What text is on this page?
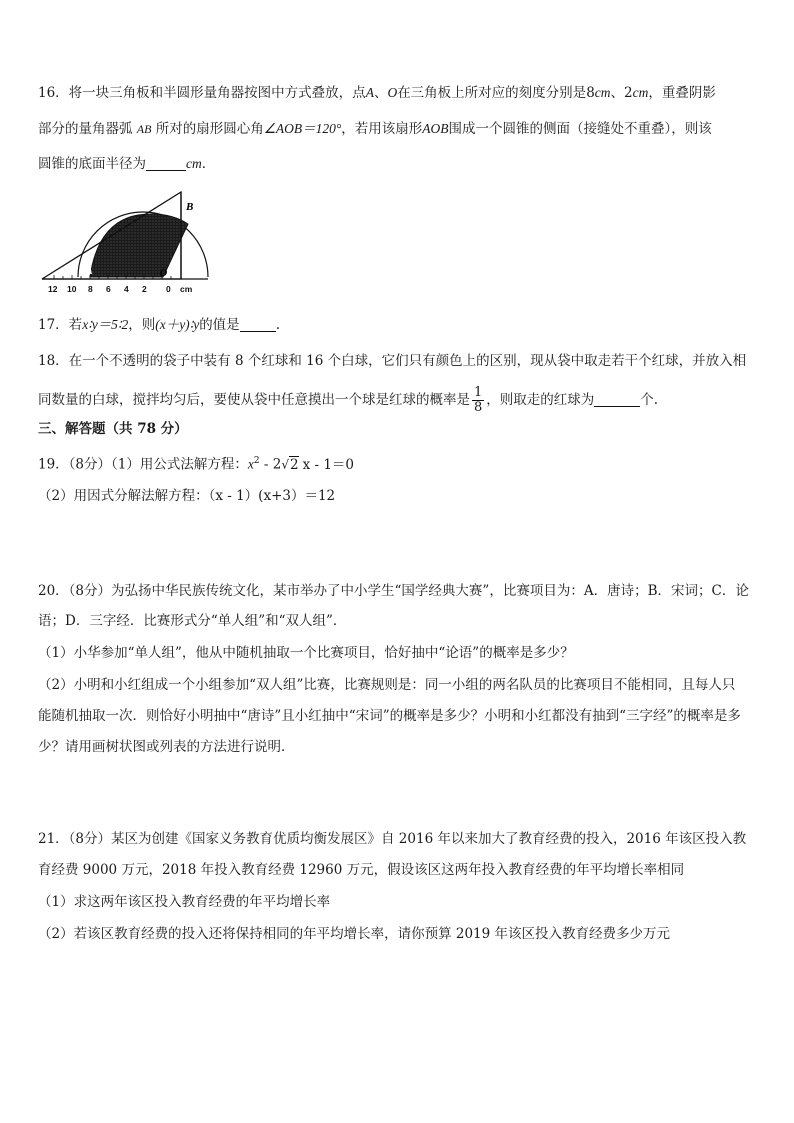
16．将一块三角板和半圆形量角器按图中方式叠放，点A、O在三角板上所对应的刻度分别是8cm、2cm，重叠阴影
部分的量角器弧 AB 所对的扇形圆心角∠AOB＝120°，若用该扇形AOB围成一个圆锥的侧面（接缝处不重叠），则该
圆锥的底面半径为	cm．
B
A	O
12 10 8 6 4 2 0 cm
17．若x∶y＝5∶2，则(x＋y)∶y的值是	.
18．在一个不透明的袋子中装有 8 个红球和 16 个白球，它们只有颜色上的区别，现从袋中取走若干个红球，并放入相
同数量的白球，搅拌均匀后，要使从袋中任意摸出一个球是红球的概率是 $\frac{1}{8}$ ，则取走的红球为	个.
三、解答题（共 78 分）
19．（8分）（1）用公式法解方程：$x^2 - 2√2$ x - 1＝0
（2）用因式分解法解方程：（x - 1）(x+3）＝12
20．（8分）为弘扬中华民族传统文化，某市举办了中小学生“国学经典大赛”，比赛项目为：A．唐诗；B．宋词；C．论
语；D．三字经．比赛形式分“单人组”和“双人组”．
（1）小华参加“单人组”，他从中随机抽取一个比赛项目，恰好抽中“论语”的概率是多少？
（2）小明和小红组成一个小组参加“双人组”比赛，比赛规则是：同一小组的两名队员的比赛项目不能相同，且每人只
能随机抽取一次．则恰好小明抽中“唐诗”且小红抽中“宋词”的概率是多少？小明和小红都没有抽到“三字经”的概率是多
少？请用画树状图或列表的方法进行说明．
21．（8分）某区为创建《国家义务教育优质均衡发展区》自 2016 年以来加大了教育经费的投入，2016 年该区投入教
育经费 9000 万元，2018 年投入教育经费 12960 万元，假设该区这两年投入教育经费的年平均增长率相同
（1）求这两年该区投入教育经费的年平均增长率
（2）若该区教育经费的投入还将保持相同的年平均增长率，请你预算 2019 年该区投入教育经费多少万元
